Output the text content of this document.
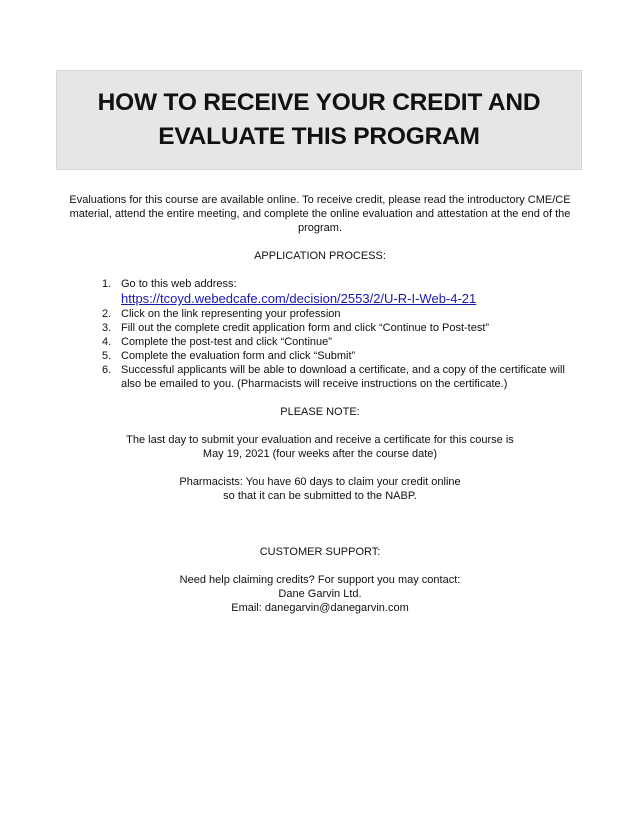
HOW TO RECEIVE YOUR CREDIT AND
EVALUATE THIS PROGRAM

Evaluations for this course are available online. To receive credit, please read the introductory CME/CE material, attend the entire meeting, and complete the online evaluation and attestation at the end of the program.

APPLICATION PROCESS:

1. Go to this web address:
https://tcoyd.webedcafe.com/decision/2553/2/U-R-I-Web-4-21
2. Click on the link representing your profession
3. Fill out the complete credit application form and click “Continue to Post-test”
4. Complete the post-test and click “Continue”
5. Complete the evaluation form and click “Submit”
6. Successful applicants will be able to download a certificate, and a copy of the certificate will also be emailed to you. (Pharmacists will receive instructions on the certificate.)

PLEASE NOTE:

The last day to submit your evaluation and receive a certificate for this course is
May 19, 2021 (four weeks after the course date)

Pharmacists: You have 60 days to claim your credit online
so that it can be submitted to the NABP.

CUSTOMER SUPPORT:

Need help claiming credits? For support you may contact:
Dane Garvin Ltd.
Email: danegarvin@danegarvin.com
